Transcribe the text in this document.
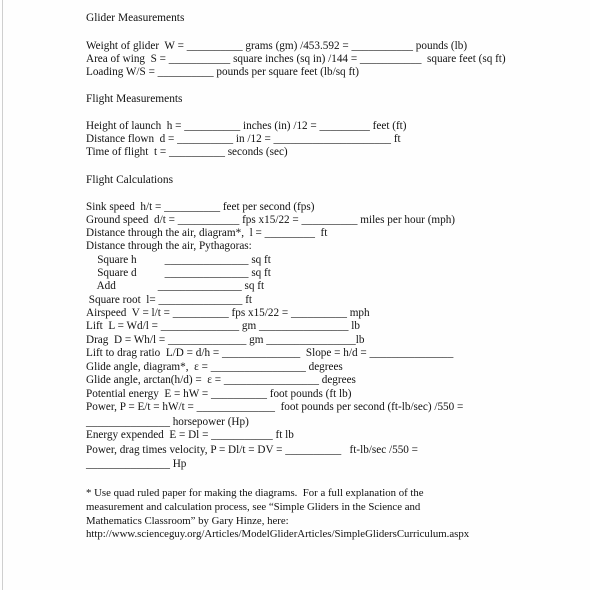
Glider Measurements
Weight of glider  W = __________ grams (gm) /453.592 = ___________ pounds (lb)
Area of wing  S = ___________ square inches (sq in) /144 = ___________  square feet (sq ft)
Loading W/S = __________ pounds per square feet (lb/sq ft)
Flight Measurements
Height of launch  h = __________ inches (in) /12 = _________ feet (ft)
Distance flown  d = __________ in /12 = _____________________ ft
Time of flight  t = __________ seconds (sec)
Flight Calculations
Sink speed  h/t = __________ feet per second (fps)
Ground speed  d/t = ___________ fps x15/22 = __________ miles per hour (mph)
Distance through the air, diagram*,  l = _________  ft
Distance through the air, Pythagoras:
Square h          _______________ sq ft
Square d          _______________ sq ft
Add               _______________ sq ft
Square root  l= _______________ ft
Airspeed  V = l/t = __________ fps x15/22 = __________ mph
Lift  L = Wd/l = ______________ gm ________________ lb
Drag  D = Wh/l = ______________ gm ________________lb
Lift to drag ratio  L/D = d/h = ______________  Slope = h/d = _______________
Glide angle, diagram*,  ε = _________________ degrees
Glide angle, arctan(h/d) =  ε = _________________ degrees
Potential energy  E = hW = __________ foot pounds (ft lb)
Power, P = E/t = hW/t = ______________  foot pounds per second (ft-lb/sec) /550 =
_______________ horsepower (Hp)
Energy expended  E = Dl = ___________ ft lb
Power, drag times velocity, P = Dl/t = DV = __________   ft-lb/sec /550 =
_______________ Hp
* Use quad ruled paper for making the diagrams.  For a full explanation of the
measurement and calculation process, see “Simple Gliders in the Science and
Mathematics Classroom” by Gary Hinze, here:
http://www.scienceguy.org/Articles/ModelGliderArticles/SimpleGlidersCurriculum.aspx
